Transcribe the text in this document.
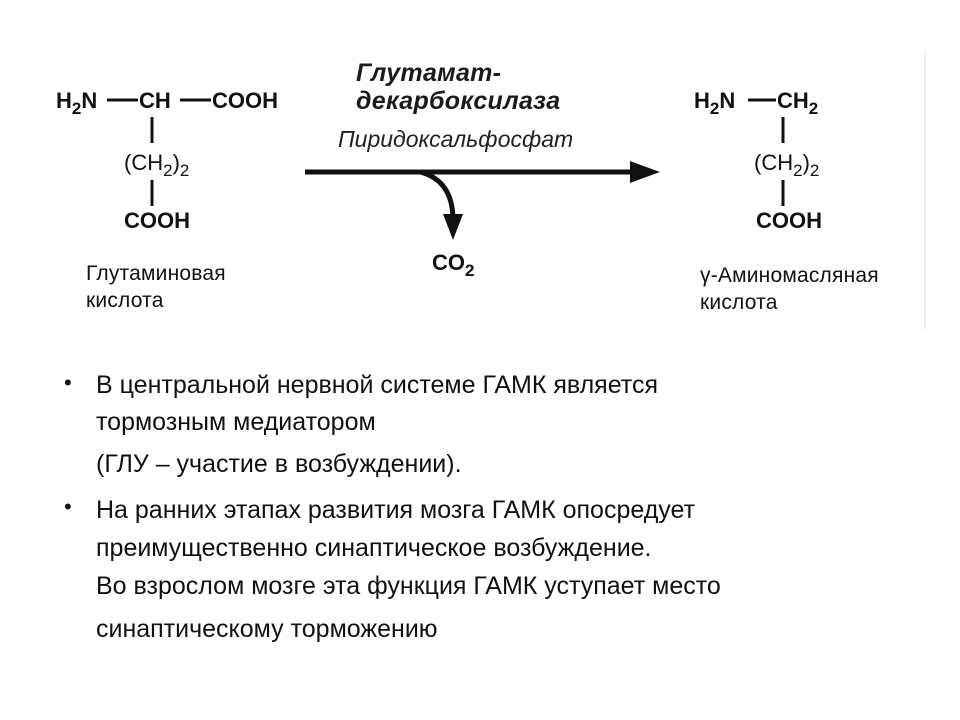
$H_2N$ CH COOH
$(CH_2)_2$
COOH
Глутаминовая
кислота
Глутамат-
декарбоксилаза
Пиридоксальфосфат
$CO_2$
$H_2N$ $CH_2$
$(CH_2)_2$
COOH
γ-Аминомасляная
кислота
• В центральной нервной системе ГАМК является
тормозным медиатором
(ГЛУ – участие в возбуждении).
• На ранних этапах развития мозга ГАМК опосредует
преимущественно синаптическое возбуждение.
Во взрослом мозге эта функция ГАМК уступает место
синаптическому торможению
